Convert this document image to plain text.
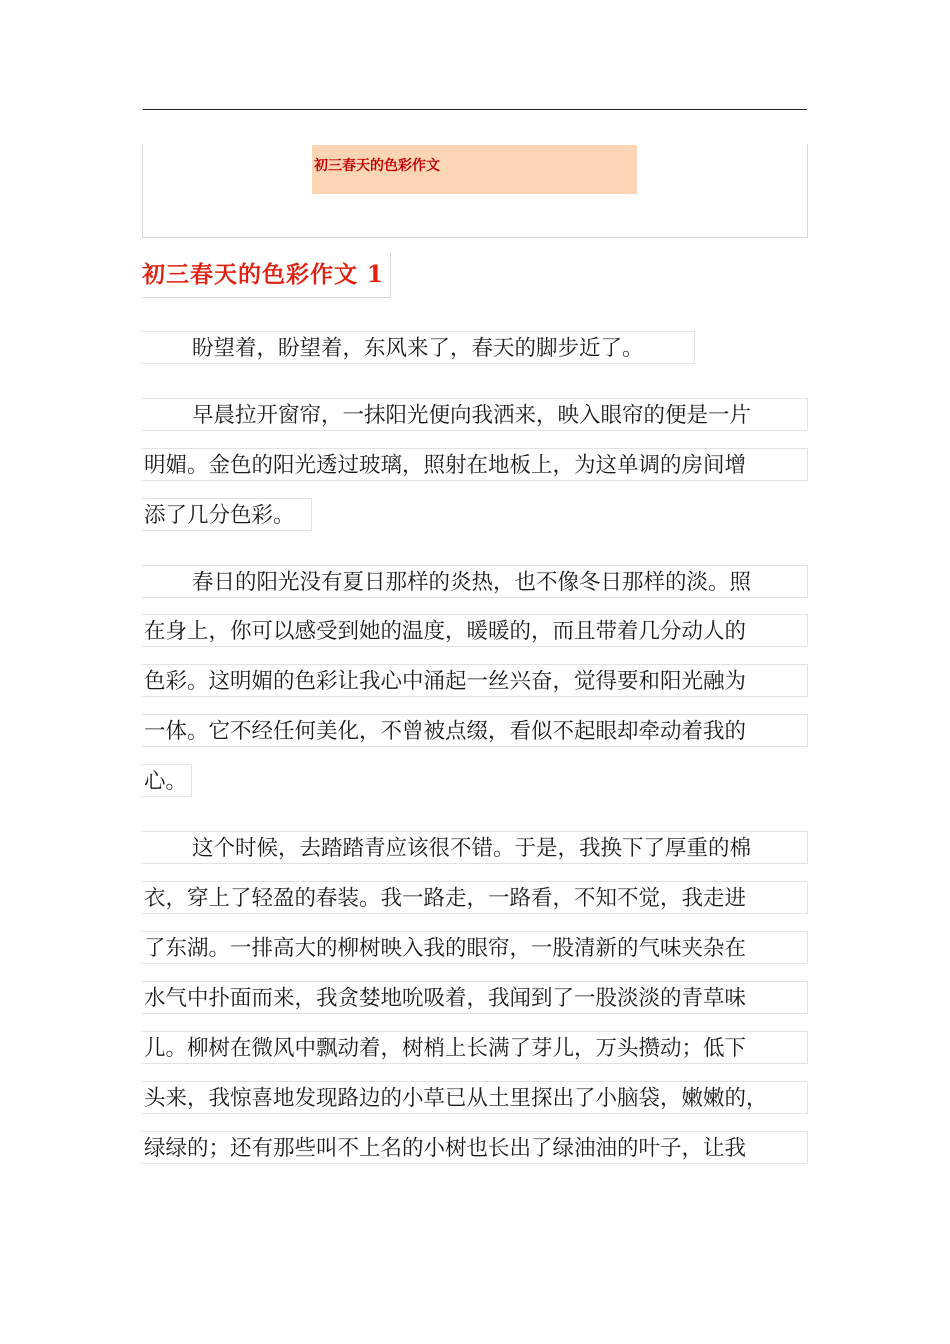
初三春天的色彩作文
初三春天的色彩作文 1
盼望着，盼望着，东风来了，春天的脚步近了。
早晨拉开窗帘，一抹阳光便向我洒来，映入眼帘的便是一片
明媚。金色的阳光透过玻璃，照射在地板上，为这单调的房间增
添了几分色彩。
春日的阳光没有夏日那样的炎热，也不像冬日那样的淡。照
在身上，你可以感受到她的温度，暖暖的，而且带着几分动人的
色彩。这明媚的色彩让我心中涌起一丝兴奋，觉得要和阳光融为
一体。它不经任何美化，不曾被点缀，看似不起眼却牵动着我的
心。
这个时候，去踏踏青应该很不错。于是，我换下了厚重的棉
衣，穿上了轻盈的春装。我一路走，一路看，不知不觉，我走进
了东湖。一排高大的柳树映入我的眼帘，一股清新的气味夹杂在
水气中扑面而来，我贪婪地吮吸着，我闻到了一股淡淡的青草味
儿。柳树在微风中飘动着，树梢上长满了芽儿，万头攒动；低下
头来，我惊喜地发现路边的小草已从土里探出了小脑袋，嫩嫩的，
绿绿的；还有那些叫不上名的小树也长出了绿油油的叶子，让我
